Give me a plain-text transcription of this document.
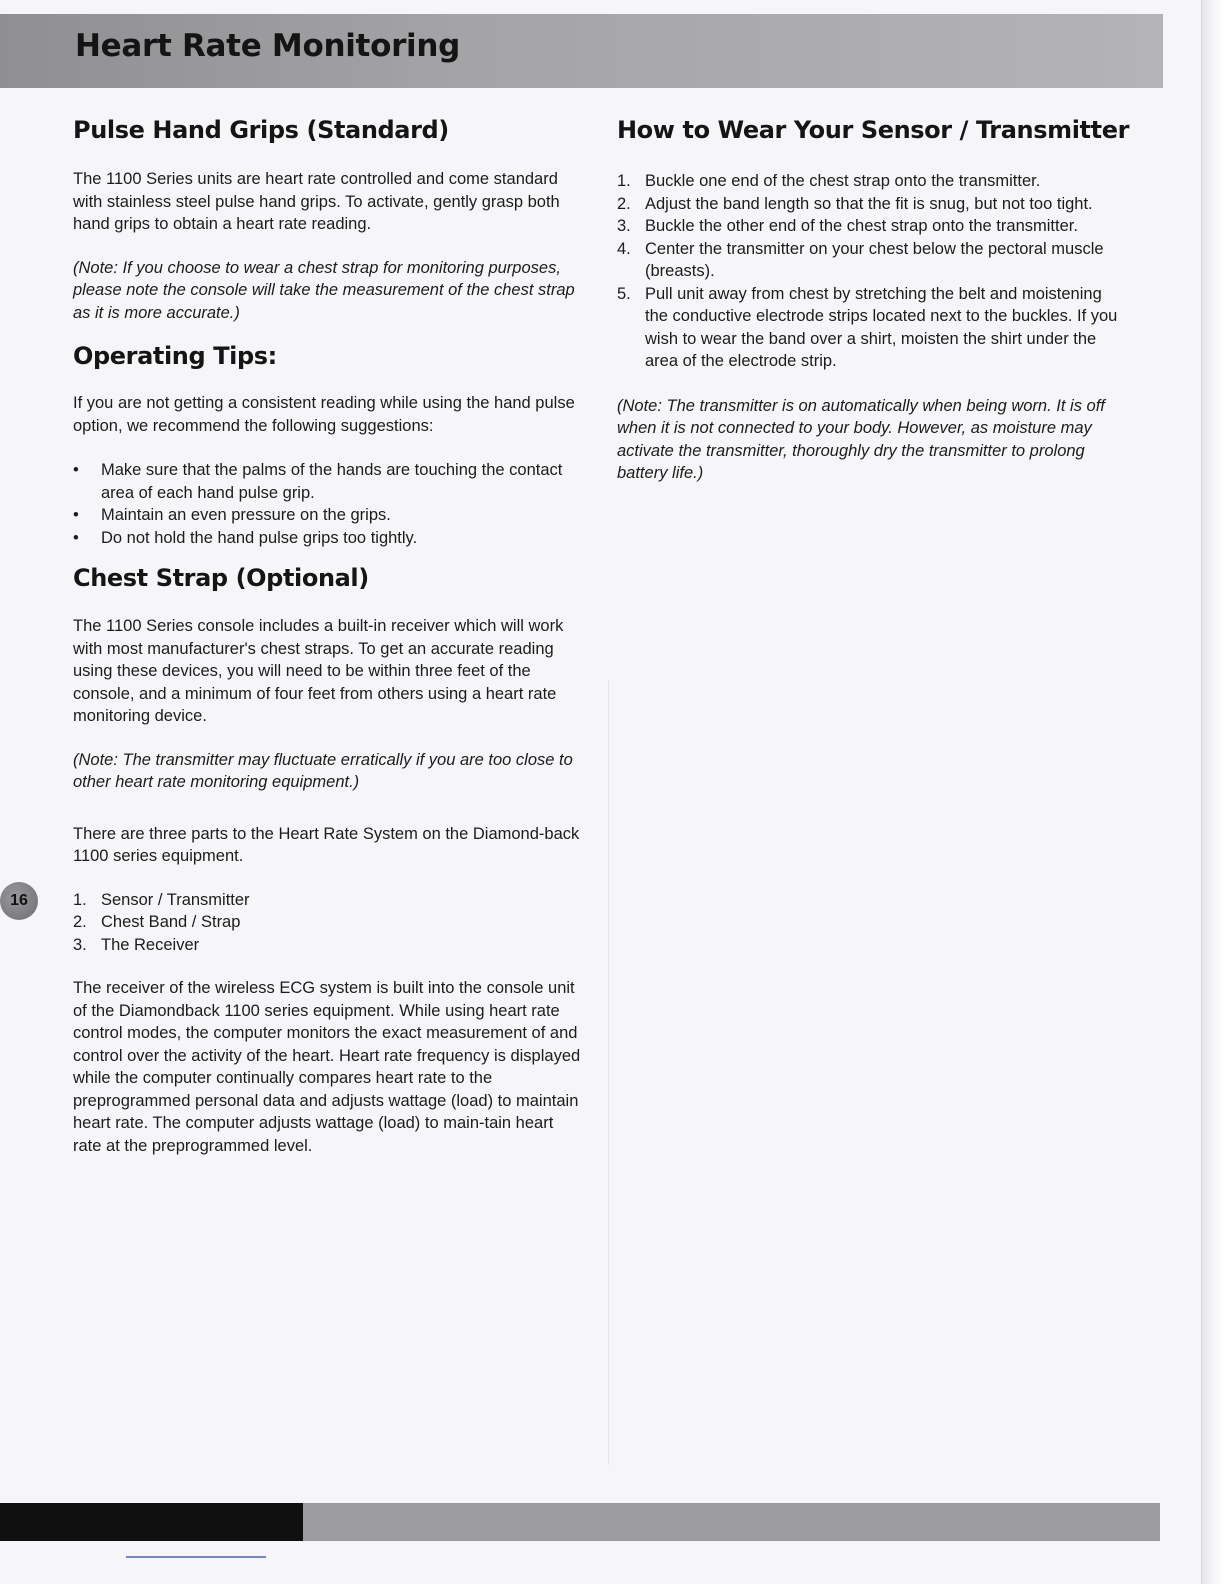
Heart Rate Monitoring
Pulse Hand Grips (Standard)

The 1100 Series units are heart rate controlled and come standard with stainless steel pulse hand grips. To activate, gently grasp both hand grips to obtain a heart rate reading.

(Note: If you choose to wear a chest strap for monitoring purposes, please note the console will take the measurement of the chest strap as it is more accurate.)

Operating Tips:

If you are not getting a consistent reading while using the hand pulse option, we recommend the following suggestions:

• Make sure that the palms of the hands are touching the contact area of each hand pulse grip.
• Maintain an even pressure on the grips.
• Do not hold the hand pulse grips too tightly.
Chest Strap (Optional)

The 1100 Series console includes a built-in receiver which will work with most manufacturer's chest straps. To get an accurate reading using these devices, you will need to be within three feet of the console, and a minimum of four feet from others using a heart rate monitoring device.

(Note: The transmitter may fluctuate erratically if you are too close to other heart rate monitoring equipment.)

There are three parts to the Heart Rate System on the Diamond-back 1100 series equipment.

1. Sensor / Transmitter
2. Chest Band / Strap
3. The Receiver

The receiver of the wireless ECG system is built into the console unit of the Diamondback 1100 series equipment. While using heart rate control modes, the computer monitors the exact measurement of and control over the activity of the heart. Heart rate frequency is displayed while the computer continually compares heart rate to the preprogrammed personal data and adjusts wattage (load) to maintain heart rate. The computer adjusts wattage (load) to main-tain heart rate at the preprogrammed level.

How to Wear Your Sensor / Transmitter
1. Buckle one end of the chest strap onto the transmitter.
2. Adjust the band length so that the fit is snug, but not too tight.
3. Buckle the other end of the chest strap onto the transmitter.
4. Center the transmitter on your chest below the pectoral muscle (breasts).
5. Pull unit away from chest by stretching the belt and moistening the conductive electrode strips located next to the buckles. If you wish to wear the band over a shirt, moisten the shirt under the area of the electrode strip.

(Note: The transmitter is on automatically when being worn. It is off when it is not connected to your body. However, as moisture may activate the transmitter, thoroughly dry the transmitter to prolong battery life.)

16
